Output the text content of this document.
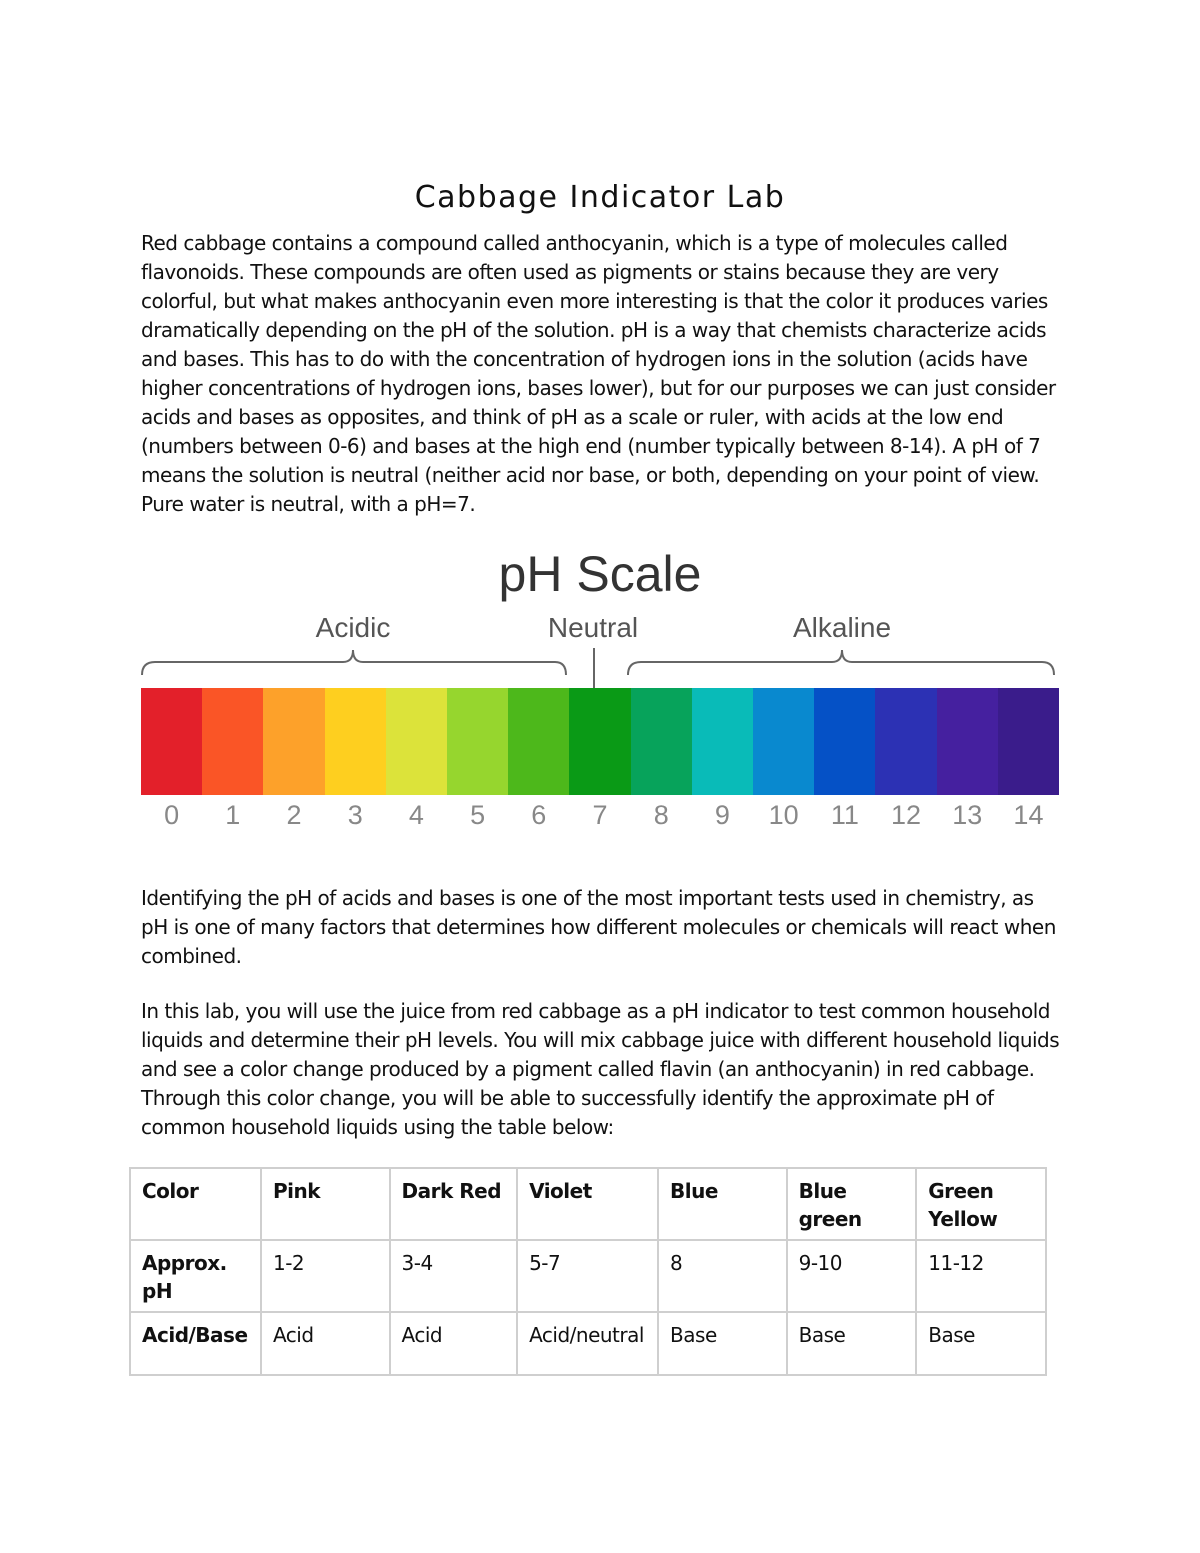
Cabbage Indicator Lab

Red cabbage contains a compound called anthocyanin, which is a type of molecules called flavonoids. These compounds are often used as pigments or stains because they are very colorful, but what makes anthocyanin even more interesting is that the color it produces varies dramatically depending on the pH of the solution. pH is a way that chemists characterize acids and bases. This has to do with the concentration of hydrogen ions in the solution (acids have higher concentrations of hydrogen ions, bases lower), but for our purposes we can just consider acids and bases as opposites, and think of pH as a scale or ruler, with acids at the low end (numbers between 0-6) and bases at the high end (number typically between 8-14). A pH of 7 means the solution is neutral (neither acid nor base, or both, depending on your point of view. Pure water is neutral, with a pH=7.

pH Scale
Acidic	Neutral	Alkaline
0	1	2	3	4	5	6	7	8	9	10	11	12	13	14

Identifying the pH of acids and bases is one of the most important tests used in chemistry, as pH is one of many factors that determines how different molecules or chemicals will react when combined.

In this lab, you will use the juice from red cabbage as a pH indicator to test common household liquids and determine their pH levels. You will mix cabbage juice with different household liquids and see a color change produced by a pigment called flavin (an anthocyanin) in red cabbage. Through this color change, you will be able to successfully identify the approximate pH of common household liquids using the table below:

Color	Pink	Dark Red	Violet	Blue	Blue green	Green Yellow
Approx. pH	1-2	3-4	5-7	8	9-10	11-12
Acid/Base	Acid	Acid	Acid/neutral	Base	Base	Base
